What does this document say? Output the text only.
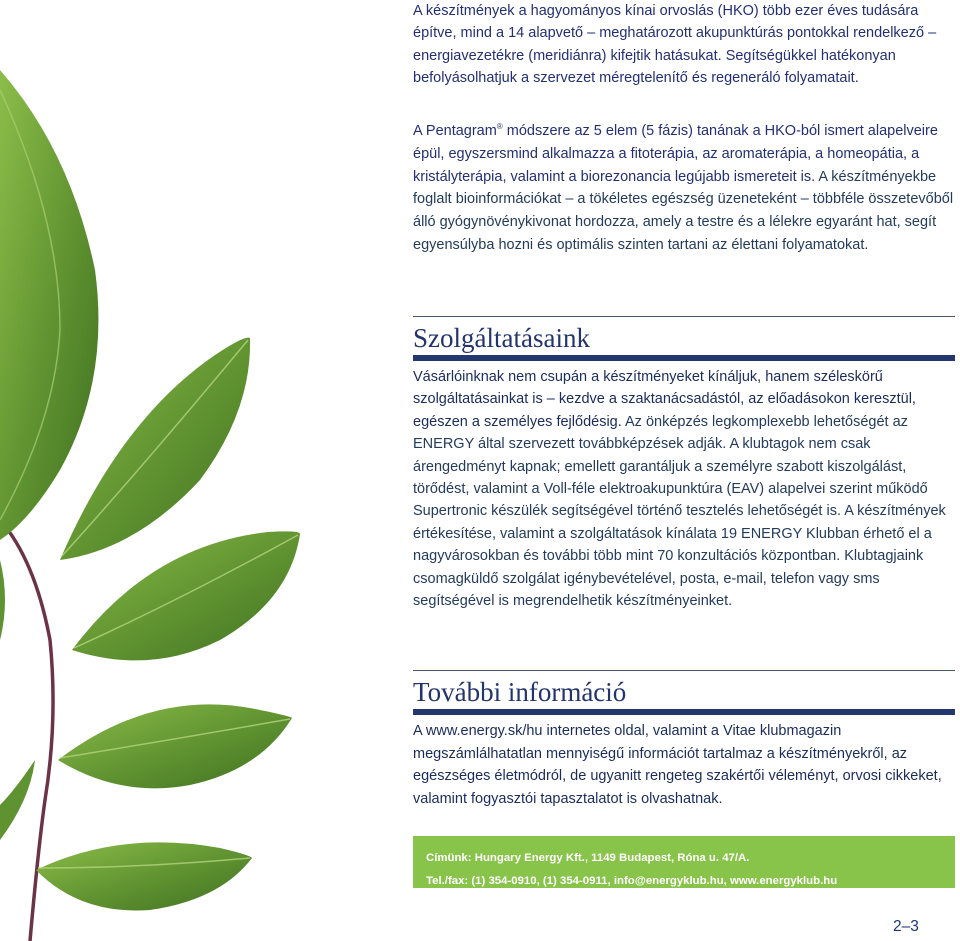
A készítmények a hagyományos kínai orvoslás (HKO) több ezer éves tudására építve, mind a 14 alapvető – meghatározott akupunktúrás pontokkal rendelkező – energiavezetékre (meridiánra) kifejtik hatásukat. Segítségükkel hatékonyan befolyásolhatjuk a szervezet méregtelenítő és regeneráló folyamatait.
A Pentagram® módszere az 5 elem (5 fázis) tanának a HKO-ból ismert alapelveire épül, egyszersmind alkalmazza a fitoterápia, az aromaterápia, a homeopátia, a kristályterápia, valamint a biorezonancia legújabb ismereteit is. A készítményekbe foglalt bioinformációkat – a tökéletes egészség üzeneteként – többféle összetevőből álló gyógynövénykivonat hordozza, amely a testre és a lélekre egyaránt hat, segít egyensúlyba hozni és optimális szinten tartani az élettani folyamatokat.
Szolgáltatásaink
Vásárlóinknak nem csupán a készítményeket kínáljuk, hanem széleskörű szolgáltatásainkat is – kezdve a szaktanácsadástól, az előadásokon keresztül, egészen a személyes fejlődésig. Az önképzés legkomplexebb lehetőségét az ENERGY által szervezett továbbképzések adják. A klubtagok nem csak árengedményt kapnak; emellett garantáljuk a személyre szabott kiszolgálást, törődést, valamint a Voll-féle elektroakupunktúra (EAV) alapelvei szerint működő Supertronic készülék segítségével történő tesztelés lehetőségét is. A készítmények értékesítése, valamint a szolgáltatások kínálata 19 ENERGY Klubban érhető el a nagyvárosokban és további több mint 70 konzultációs központban. Klubtagjaink csomagküldő szolgálat igénybevételével, posta, e-mail, telefon vagy sms segítségével is megrendelhetik készítményeinket.
További információ
A www.energy.sk/hu internetes oldal, valamint a Vitae klubmagazin megszámlálhatatlan mennyiségű információt tartalmaz a készítményekről, az egészséges életmódról, de ugyanitt rengeteg szakértői véleményt, orvosi cikkeket, valamint fogyasztói tapasztalatot is olvashatnak.
Címünk: Hungary Energy Kft., 1149 Budapest, Róna u. 47/A.
Tel./fax: (1) 354-0910, (1) 354-0911, info@energyklub.hu, www.energyklub.hu
2–3
